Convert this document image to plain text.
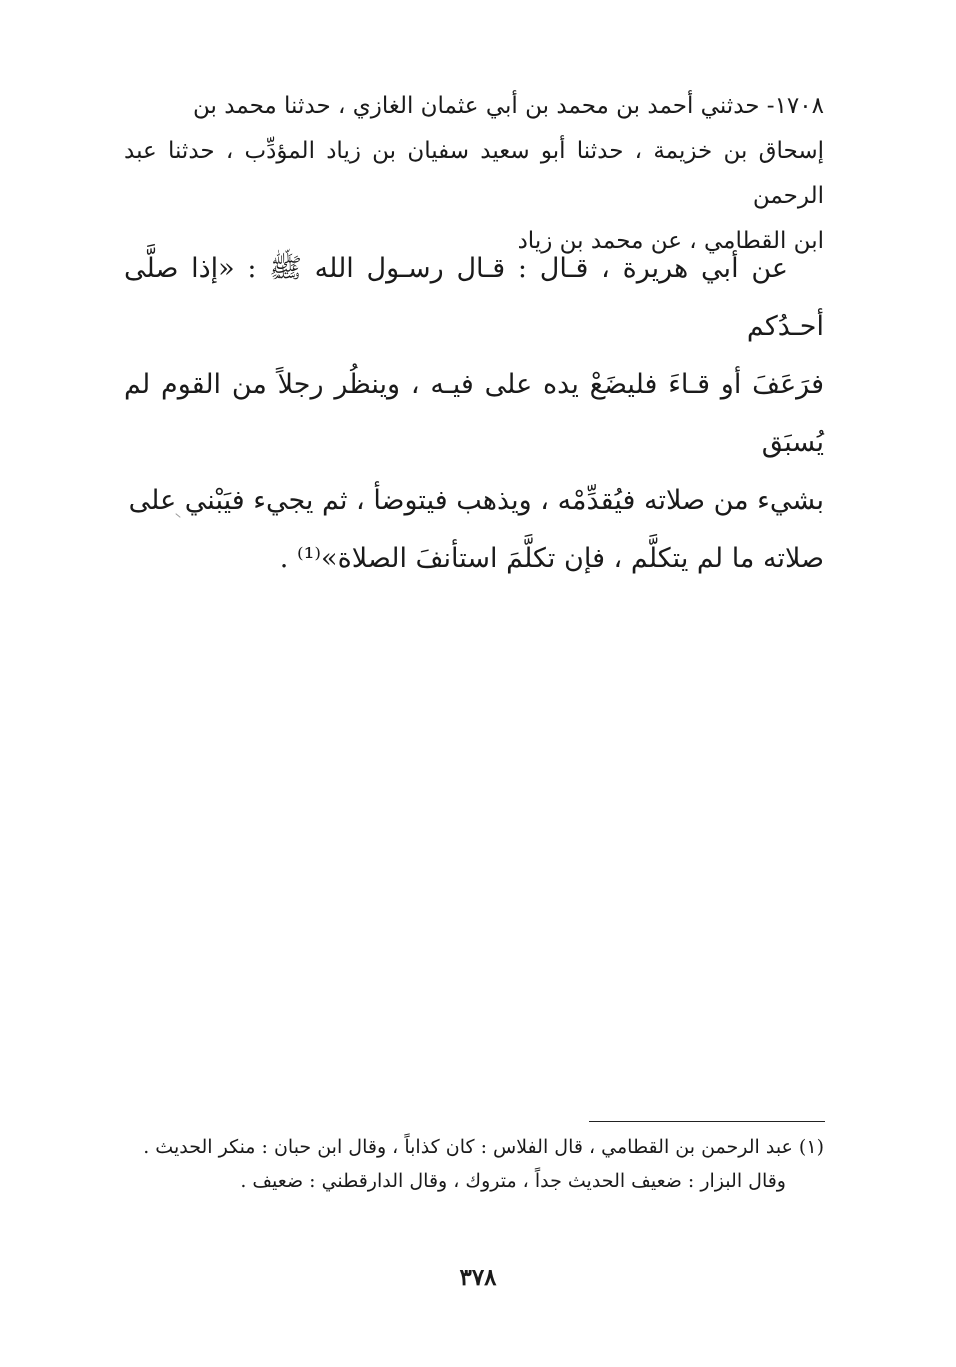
١٧٠٨- حدثني أحمد بن محمد بن أبي عثمان الغازي ، حدثنا محمد بن

إسحاق بن خزيمة ، حدثنا أبو سعيد سفيان بن زياد المؤدِّب ، حدثنا عبد الرحمن

ابن القطامي ، عن محمد بن زياد

عن أبي هريرة ، قـال : قـال رسـول الله ﷺ : «إذا صلَّى أحـدُكم

فرَعَفَ أو قـاءَ فليضَعْ يده على فيـه ، وينظُر رجلاً من القوم لم يُسبَق

بشيء من صلاته فيُقدِّمْه ، ويذهب فيتوضأ ، ثم يجيء فيَبْني على

صلاته ما لم يتكلَّم ، فإن تكلَّمَ استأنفَ الصلاة»⁽¹⁾ .

(١) عبد الرحمن بن القطامي ، قال الفلاس : كان كذاباً ، وقال ابن حبان : منكر الحديث .

وقال البزار : ضعيف الحديث جداً ، متروك ، وقال الدارقطني : ضعيف .

٣٧٨
